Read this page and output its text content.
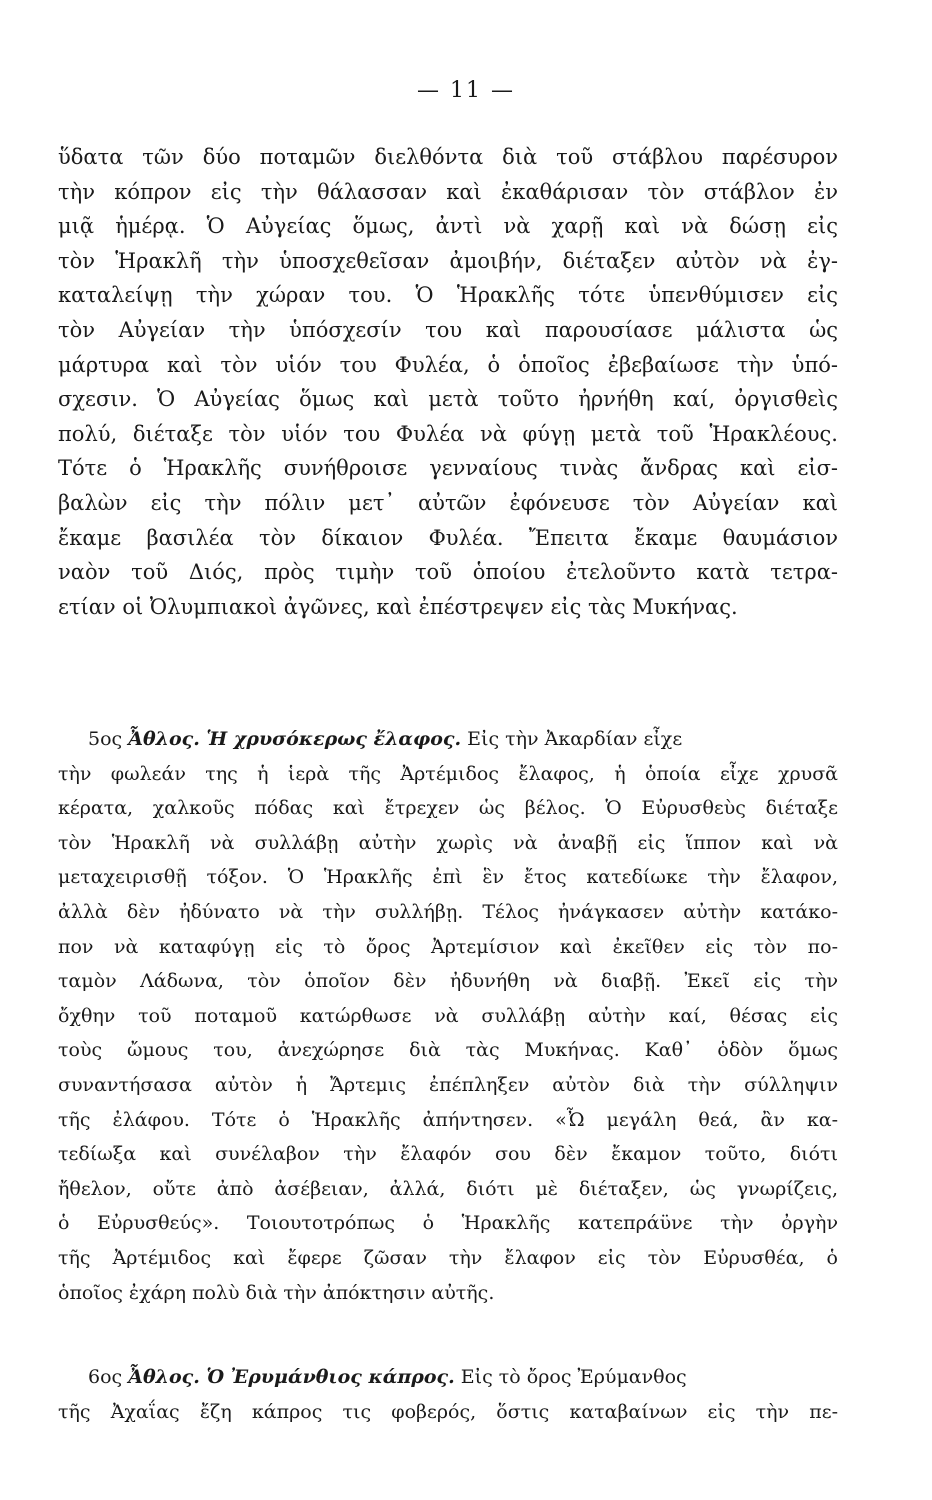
— 11 —
ὕδατα τῶν δύο ποταμῶν διελθόντα διὰ τοῦ στάβλου παρέσυρον
τὴν κόπρον εἰς τὴν θάλασσαν καὶ ἐκαθάρισαν τὸν στάβλον ἐν
μιᾷ ἡμέρᾳ. Ὁ Αὐγείας ὅμως, ἀντὶ νὰ χαρῇ καὶ νὰ δώσῃ εἰς
τὸν Ἡρακλῆ τὴν ὑποσχεθεῖσαν ἀμοιβήν, διέταξεν αὐτὸν νὰ ἐγ-
καταλείψῃ τὴν χώραν του. Ὁ Ἡρακλῆς τότε ὑπενθύμισεν εἰς
τὸν Αὐγείαν τὴν ὑπόσχεσίν του καὶ παρουσίασε μάλιστα ὡς
μάρτυρα καὶ τὸν υἱόν του Φυλέα, ὁ ὁποῖος ἐβεβαίωσε τὴν ὑπό-
σχεσιν. Ὁ Αὐγείας ὅμως καὶ μετὰ τοῦτο ἠρνήθη καί, ὀργισθεὶς
πολύ, διέταξε τὸν υἱόν του Φυλέα νὰ φύγῃ μετὰ τοῦ Ἡρακλέους.
Τότε ὁ Ἡρακλῆς συνήθροισε γενναίους τινὰς ἄνδρας καὶ εἰσ-
βαλὼν εἰς τὴν πόλιν μετ᾽ αὐτῶν ἐφόνευσε τὸν Αὐγείαν καὶ
ἔκαμε βασιλέα τὸν δίκαιον Φυλέα. Ἔπειτα ἔκαμε θαυμάσιον
ναὸν τοῦ Διός, πρὸς τιμὴν τοῦ ὁποίου ἐτελοῦντο κατὰ τετρα-
ετίαν οἱ Ὀλυμπιακοὶ ἀγῶνες, καὶ ἐπέστρεψεν εἰς τὰς Μυκήνας.
5ος Ἆθλος. Ἡ χρυσόκερως ἔλαφος. Εἰς τὴν Ἀκαρδίαν εἶχε
τὴν φωλεάν της ἡ ἱερὰ τῆς Ἀρτέμιδος ἔλαφος, ἡ ὁποία εἶχε χρυσᾶ
κέρατα, χαλκοῦς πόδας καὶ ἔτρεχεν ὡς βέλος. Ὁ Εὐρυσθεὺς διέταξε
τὸν Ἡρακλῆ νὰ συλλάβῃ αὐτὴν χωρὶς νὰ ἀναβῇ εἰς ἵππον καὶ νὰ
μεταχειρισθῇ τόξον. Ὁ Ἡρακλῆς ἐπὶ ἓν ἔτος κατεδίωκε τὴν ἔλαφον,
ἀλλὰ δὲν ἠδύνατο νὰ τὴν συλλήβῃ. Τέλος ἠνάγκασεν αὐτὴν κατάκο-
πον νὰ καταφύγῃ εἰς τὸ ὄρος Ἀρτεμίσιον καὶ ἐκεῖθεν εἰς τὸν πο-
ταμὸν Λάδωνα, τὸν ὁποῖον δὲν ἠδυνήθη νὰ διαβῇ. Ἐκεῖ εἰς τὴν
ὄχθην τοῦ ποταμοῦ κατώρθωσε νὰ συλλάβῃ αὐτὴν καί, θέσας εἰς
τοὺς ὤμους του, ἀνεχώρησε διὰ τὰς Μυκήνας. Καθ᾽ ὁδὸν ὅμως
συναντήσασα αὐτὸν ἡ Ἄρτεμις ἐπέπληξεν αὐτὸν διὰ τὴν σύλληψιν
τῆς ἐλάφου. Τότε ὁ Ἡρακλῆς ἀπήντησεν. «Ὦ μεγάλη θεά, ἂν κα-
τεδίωξα καὶ συνέλαβον τὴν ἔλαφόν σου δὲν ἔκαμον τοῦτο, διότι
ἤθελον, οὔτε ἀπὸ ἀσέβειαν, ἀλλά, διότι μὲ διέταξεν, ὡς γνωρίζεις,
ὁ Εὐρυσθεύς». Τοιουτοτρόπως ὁ Ἡρακλῆς κατεπράϋνε τὴν ὀργὴν
τῆς Ἀρτέμιδος καὶ ἔφερε ζῶσαν τὴν ἔλαφον εἰς τὸν Εὐρυσθέα, ὁ
ὁποῖος ἐχάρη πολὺ διὰ τὴν ἀπόκτησιν αὐτῆς.
6ος Ἆθλος. Ὁ Ἐρυμάνθιος κάπρος. Εἰς τὸ ὄρος Ἐρύμανθος
τῆς Ἀχαΐας ἔζη κάπρος τις φοβερός, ὅστις καταβαίνων εἰς τὴν πε-
